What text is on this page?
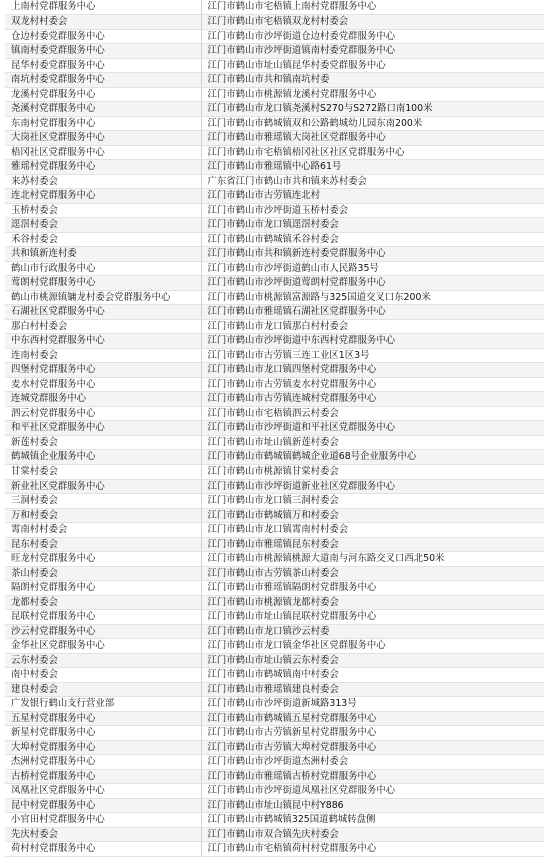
上南村党群服务中心	江门市鹤山市宅梧镇上南村党群服务中心
双龙村村委会	江门市鹤山市宅梧镇双龙村村委会
仓边村委党群服务中心	江门市鹤山市沙坪街道仓边村委党群服务中心
镇南村委党群服务中心	江门市鹤山市沙坪街道镇南村委党群服务中心
昆华村委党群服务中心	江门市鹤山市址山镇昆华村委党群服务中心
南坑村委党群服务中心	江门市鹤山市共和镇南坑村委
龙溪村党群服务中心	江门市鹤山市桃源镇龙溪村党群服务中心
尧溪村党群服务中心	江门市鹤山市龙口镇尧溪村S270与S272路口南100米
东南村党群服务中心	江门市鹤山市鹤城镇双和公路鹤城幼儿园东南200米
大岗社区党群服务中心	江门市鹤山市雅瑶镇大岗社区党群服务中心
梧冈社区党群服务中心	江门市鹤山市宅梧镇梧冈社区社区党群服务中心
雅瑶村党群服务中心	江门市鹤山市雅瑶镇中心路61号
来苏村委会	广东省江门市鹤山市共和镇来苏村委会
连北村党群服务中心	江门市鹤山市古劳镇连北村
玉桥村委会	江门市鹤山市沙坪街道玉桥村委会
逕滘村委会	江门市鹤山市龙口镇逕滘村委会
禾谷村委会	江门市鹤山市鹤城镇禾谷村委会
共和镇新连村委	江门市鹤山市共和镇新连村委党群服务中心
鹤山市行政服务中心	江门市鹤山市沙坪街道鹤山市人民路35号
莺朗村党群服务中心	江门市鹤山市沙坪街道莺朗村党群服务中心
鹤山市桃源镇镛龙村委会党群服务中心	江门市鹤山市桃源镇富源路与325国道交叉口东200米
石湖社区党群服务中心	江门市鹤山市雅瑶镇石湖社区党群服务中心
那白村村委会	江门市鹤山市龙口镇那白村村委会
中东西村党群服务中心	江门市鹤山市沙坪街道中东西村党群服务中心
连南村委会	江门市鹤山市古劳镇三连工业区1区3号
四堡村党群服务中心	江门市鹤山市龙口镇四堡村党群服务中心
麦水村党群服务中心	江门市鹤山市古劳镇麦水村党群服务中心
连城党群服务中心	江门市鹤山市古劳镇连城村党群服务中心
泗云村党群服务中心	江门市鹤山市宅梧镇泗云村委会
和平社区党群服务中心	江门市鹤山市沙坪街道和平社区党群服务中心
新莲村委会	江门市鹤山市址山镇新莲村委会
鹤城镇企业服务中心	江门市鹤山市鹤城镇鹤城企业道68号企业服务中心
甘棠村委会	江门市鹤山市桃源镇甘棠村委会
新业社区党群服务中心	江门市鹤山市沙坪街道新业社区党群服务中心
三洞村委会	江门市鹤山市龙口镇三洞村委会
万和村委会	江门市鹤山市鹤城镇万和村委会
霄南村村委会	江门市鹤山市龙口镇霄南村村委会
昆东村委会	江门市鹤山市雅瑶镇昆东村委会
旺龙村党群服务中心	江门市鹤山市桃源镇桃源大道南与河东路交叉口西北50米
茶山村委会	江门市鹤山市古劳镇茶山村委会
隔朗村党群服务中心	江门市鹤山市雅瑶镇隔朗村党群服务中心
龙都村委会	江门市鹤山市桃源镇龙都村委会
昆联村党群服务中心	江门市鹤山市址山镇昆联村党群服务中心
沙云村党群服务中心	江门市鹤山市龙口镇沙云村委
金华社区党群服务中心	江门市鹤山市龙口镇金华社区党群服务中心
云东村委会	江门市鹤山市址山镇云东村委会
南中村委会	江门市鹤山市鹤城镇南中村委会
建良村委会	江门市鹤山市雅瑶镇建良村委会
广发银行鹤山支行营业部	江门市鹤山市沙坪街道新城路313号
五星村党群服务中心	江门市鹤山市鹤城镇五星村党群服务中心
新星村党群服务中心	江门市鹤山市古劳镇新星村党群服务中心
大埠村党群服务中心	江门市鹤山市古劳镇大埠村党群服务中心
杰洲村党群服务中心	江门市鹤山市沙坪街道杰洲村委会
古桥村党群服务中心	江门市鹤山市雅瑶镇古桥村党群服务中心
凤凰社区党群服务中心	江门市鹤山市沙坪街道凤凰社区党群服务中心
昆中村党群服务中心	江门市鹤山市址山镇昆中村Y886
小官田村党群服务中心	江门市鹤山市鹤城镇325国道鹤城转盘侧
先庆村委会	江门市鹤山市双合镇先庆村委会
荷村村党群服务中心	江门市鹤山市宅梧镇荷村村党群服务中心
